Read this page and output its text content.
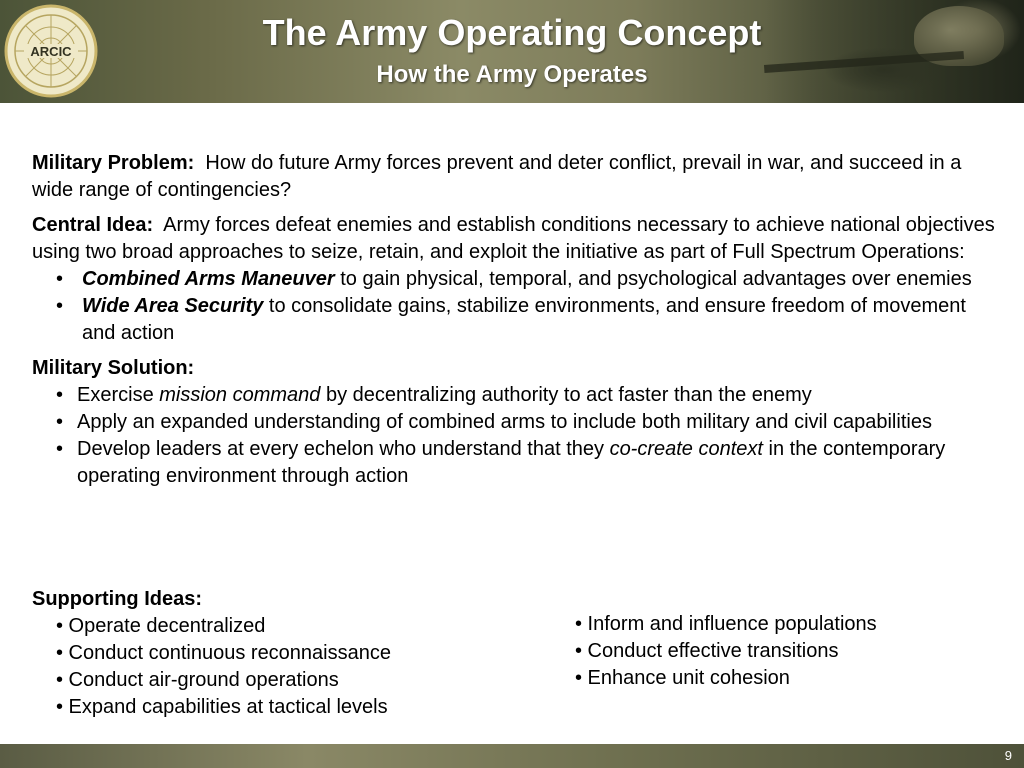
ARCIC	The Army Operating Concept
How the Army Operates

Military Problem: How do future Army forces prevent and deter conflict, prevail in war, and succeed in a wide range of contingencies?

Central Idea: Army forces defeat enemies and establish conditions necessary to achieve national objectives using two broad approaches to seize, retain, and exploit the initiative as part of Full Spectrum Operations:
• Combined Arms Maneuver to gain physical, temporal, and psychological advantages over enemies
• Wide Area Security to consolidate gains, stabilize environments, and ensure freedom of movement and action
Military Solution:
• Exercise mission command by decentralizing authority to act faster than the enemy
• Apply an expanded understanding of combined arms to include both military and civil capabilities
• Develop leaders at every echelon who understand that they co-create context in the contemporary operating environment through action
Supporting Ideas:
• Operate decentralized
• Conduct continuous reconnaissance
• Conduct air-ground operations
• Expand capabilities at tactical levels
• Inform and influence populations
• Conduct effective transitions
• Enhance unit cohesion
9
